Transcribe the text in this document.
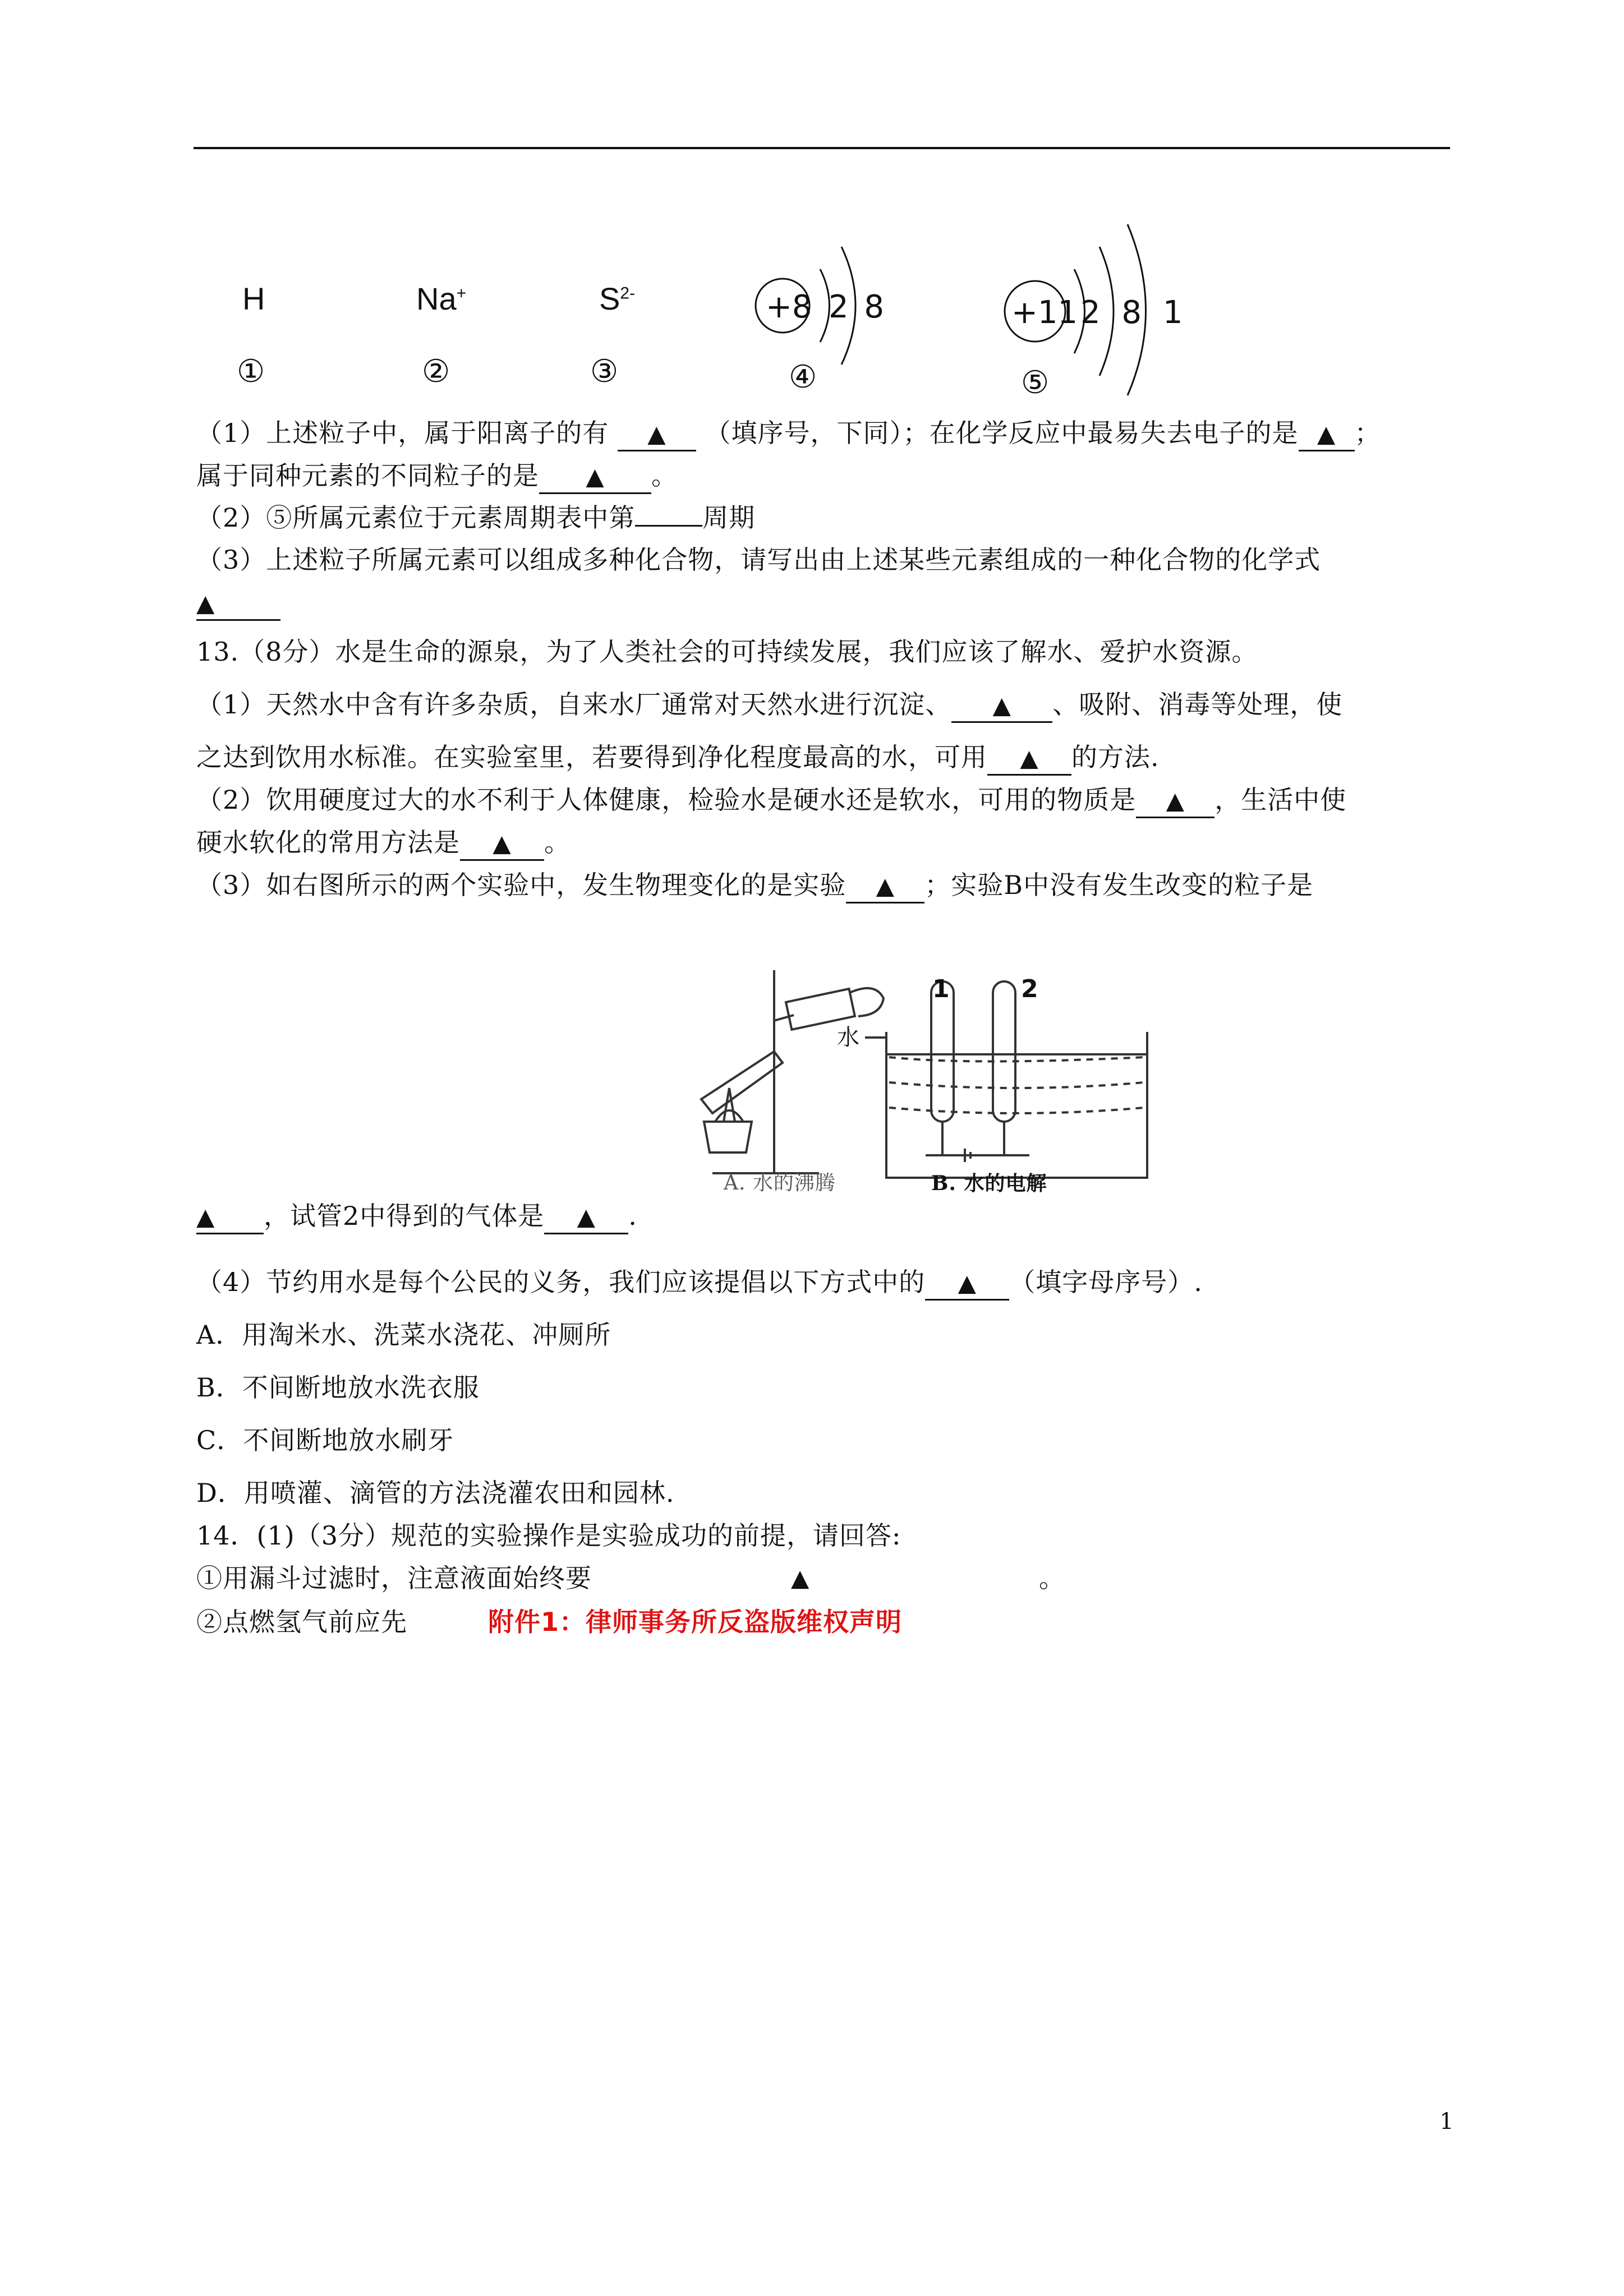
H	Na+	$S^{2-}$	+8 2 8	+11 2 8 1
①	②	③	④	⑤
（1）上述粒子中，属于阳离子的有 ▲ （填序号，下同）；在化学反应中最易失去电子的是 ▲ ；
属于同种元素的不同粒子的是 ▲ 。
（2）⑤所属元素位于元素周期表中第	周期
（3）上述粒子所属元素可以组成多种化合物，请写出由上述某些元素组成的一种化合物的化学式
▲
13.（8分）水是生命的源泉，为了人类社会的可持续发展，我们应该了解水、爱护水资源。
（1）天然水中含有许多杂质，自来水厂通常对天然水进行沉淀、 ▲ 、吸附、消毒等处理，使
之达到饮用水标准。在实验室里，若要得到净化程度最高的水，可用 ▲ 的方法.
（2）饮用硬度过大的水不利于人体健康，检验水是硬水还是软水，可用的物质是 ▲ ，生活中使
硬水软化的常用方法是 ▲ 。
（3）如右图所示的两个实验中，发生物理变化的是实验 ▲ ；实验B中没有发生改变的粒子是
1	2
水
A. 水的沸腾	B. 水的电解
▲ ，试管2中得到的气体是 ▲ .
（4）节约用水是每个公民的义务，我们应该提倡以下方式中的 ▲ （填字母序号）.
A．用淘米水、洗菜水浇花、冲厕所
B．不间断地放水洗衣服
C．不间断地放水刷牙
D．用喷灌、滴管的方法浇灌农田和园林.
14．(1)（3分）规范的实验操作是实验成功的前提，请回答:
①用漏斗过滤时，注意液面始终要	▲	。
②点燃氢气前应先	附件1：律师事务所反盗版维权声明
1
